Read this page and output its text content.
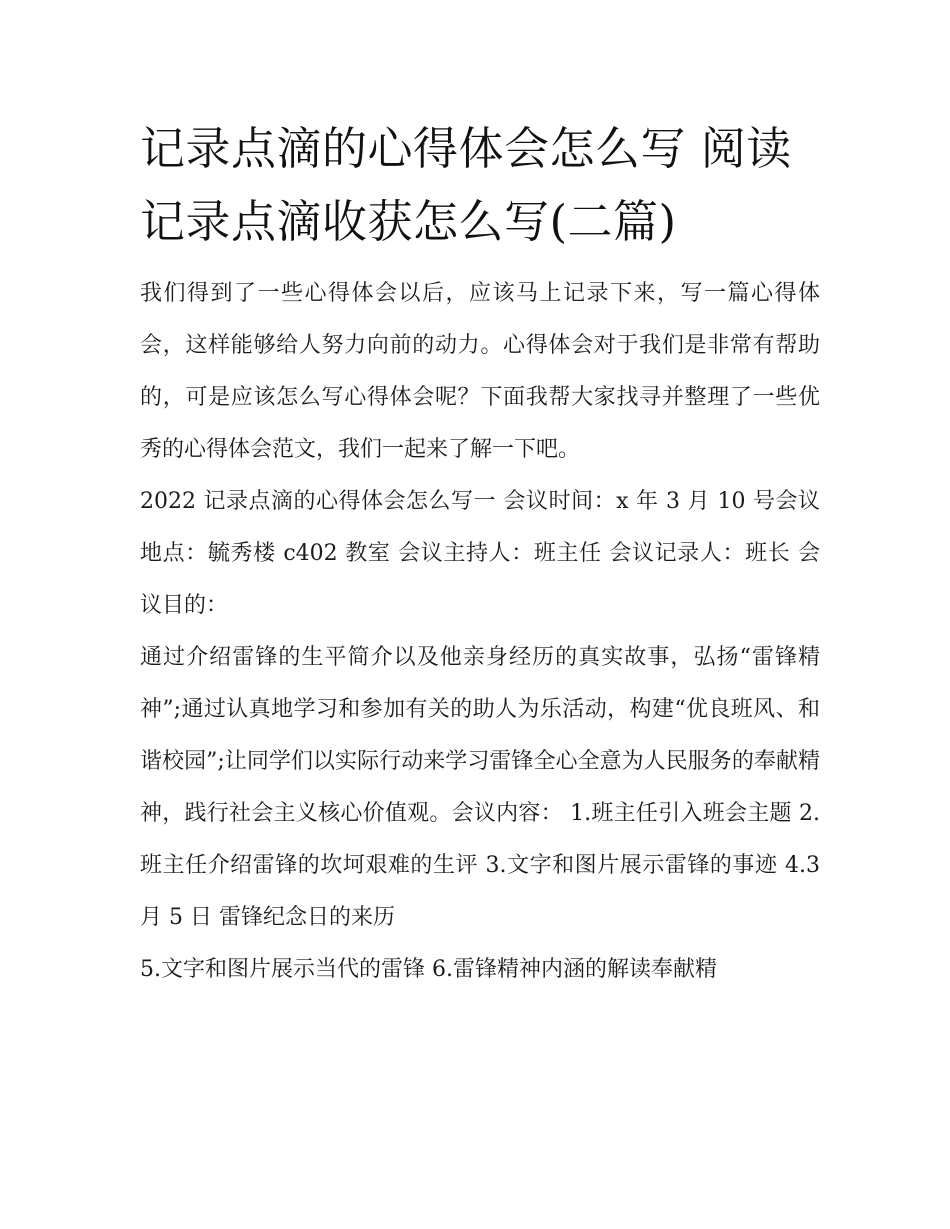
记录点滴的心得体会怎么写 阅读记录点滴收获怎么写(二篇)

我们得到了一些心得体会以后，应该马上记录下来，写一篇心得体会，这样能够给人努力向前的动力。心得体会对于我们是非常有帮助的，可是应该怎么写心得体会呢？下面我帮大家找寻并整理了一些优秀的心得体会范文，我们一起来了解一下吧。

2022 记录点滴的心得体会怎么写一 会议时间：x 年 3 月 10 号会议地点：毓秀楼 c402 教室 会议主持人：班主任 会议记录人：班长 会议目的：

通过介绍雷锋的生平简介以及他亲身经历的真实故事，弘扬“雷锋精神”;通过认真地学习和参加有关的助人为乐活动，构建“优良班风、和谐校园”;让同学们以实际行动来学习雷锋全心全意为人民服务的奉献精神，践行社会主义核心价值观。会议内容： 1.班主任引入班会主题 2.班主任介绍雷锋的坎坷艰难的生评 3.文字和图片展示雷锋的事迹 4.3 月 5 日 雷锋纪念日的来历

5.文字和图片展示当代的雷锋 6.雷锋精神内涵的解读奉献精
